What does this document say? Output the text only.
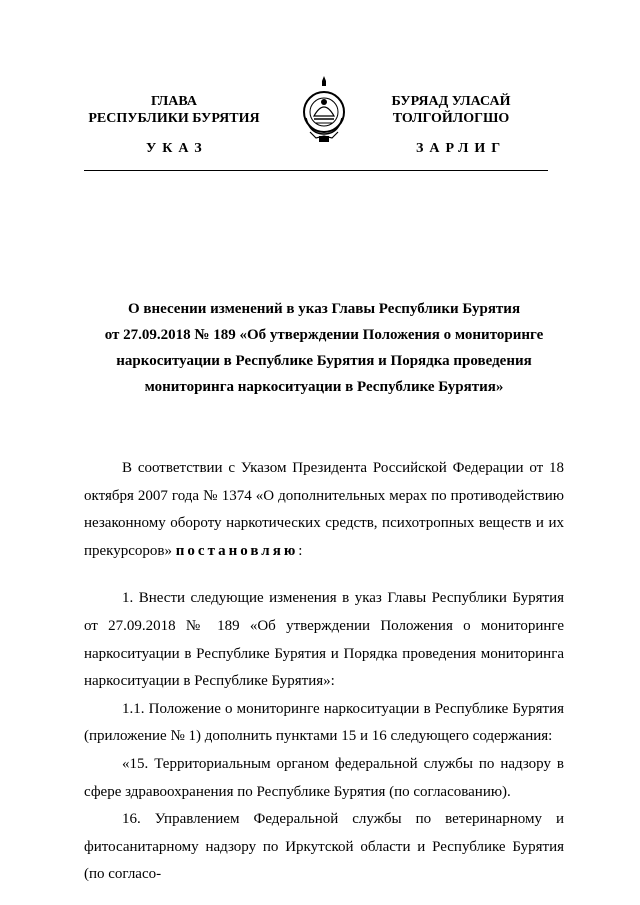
ГЛАВА
РЕСПУБЛИКИ БУРЯТИЯ
БУРЯАД УЛАСАЙ
ТОЛГОЙЛОГШО
УКАЗ	ЗАРЛИГ
О внесении изменений в указ Главы Республики Бурятия
от 27.09.2018 № 189 «Об утверждении Положения о мониторинге
наркоситуации в Республике Бурятия и Порядка проведения
мониторинга наркоситуации в Республике Бурятия»

В соответствии с Указом Президента Российской Федерации от 18 октября 2007 года № 1374 «О дополнительных мерах по противодействию незаконному обороту наркотических средств, психотропных веществ и их прекурсоров» постановляю:

1. Внести следующие изменения в указ Главы Республики Бурятия от 27.09.2018 № 189 «Об утверждении Положения о мониторинге наркоситуации в Республике Бурятия и Порядка проведения мониторинга наркоситуации в Республике Бурятия»:

1.1. Положение о мониторинге наркоситуации в Республике Бурятия (приложение № 1) дополнить пунктами 15 и 16 следующего содержания:

«15. Территориальным органом федеральной службы по надзору в сфере здравоохранения по Республике Бурятия (по согласованию).

16. Управлением Федеральной службы по ветеринарному и фитосанитарному надзору по Иркутской области и Республике Бурятия (по согласо-
